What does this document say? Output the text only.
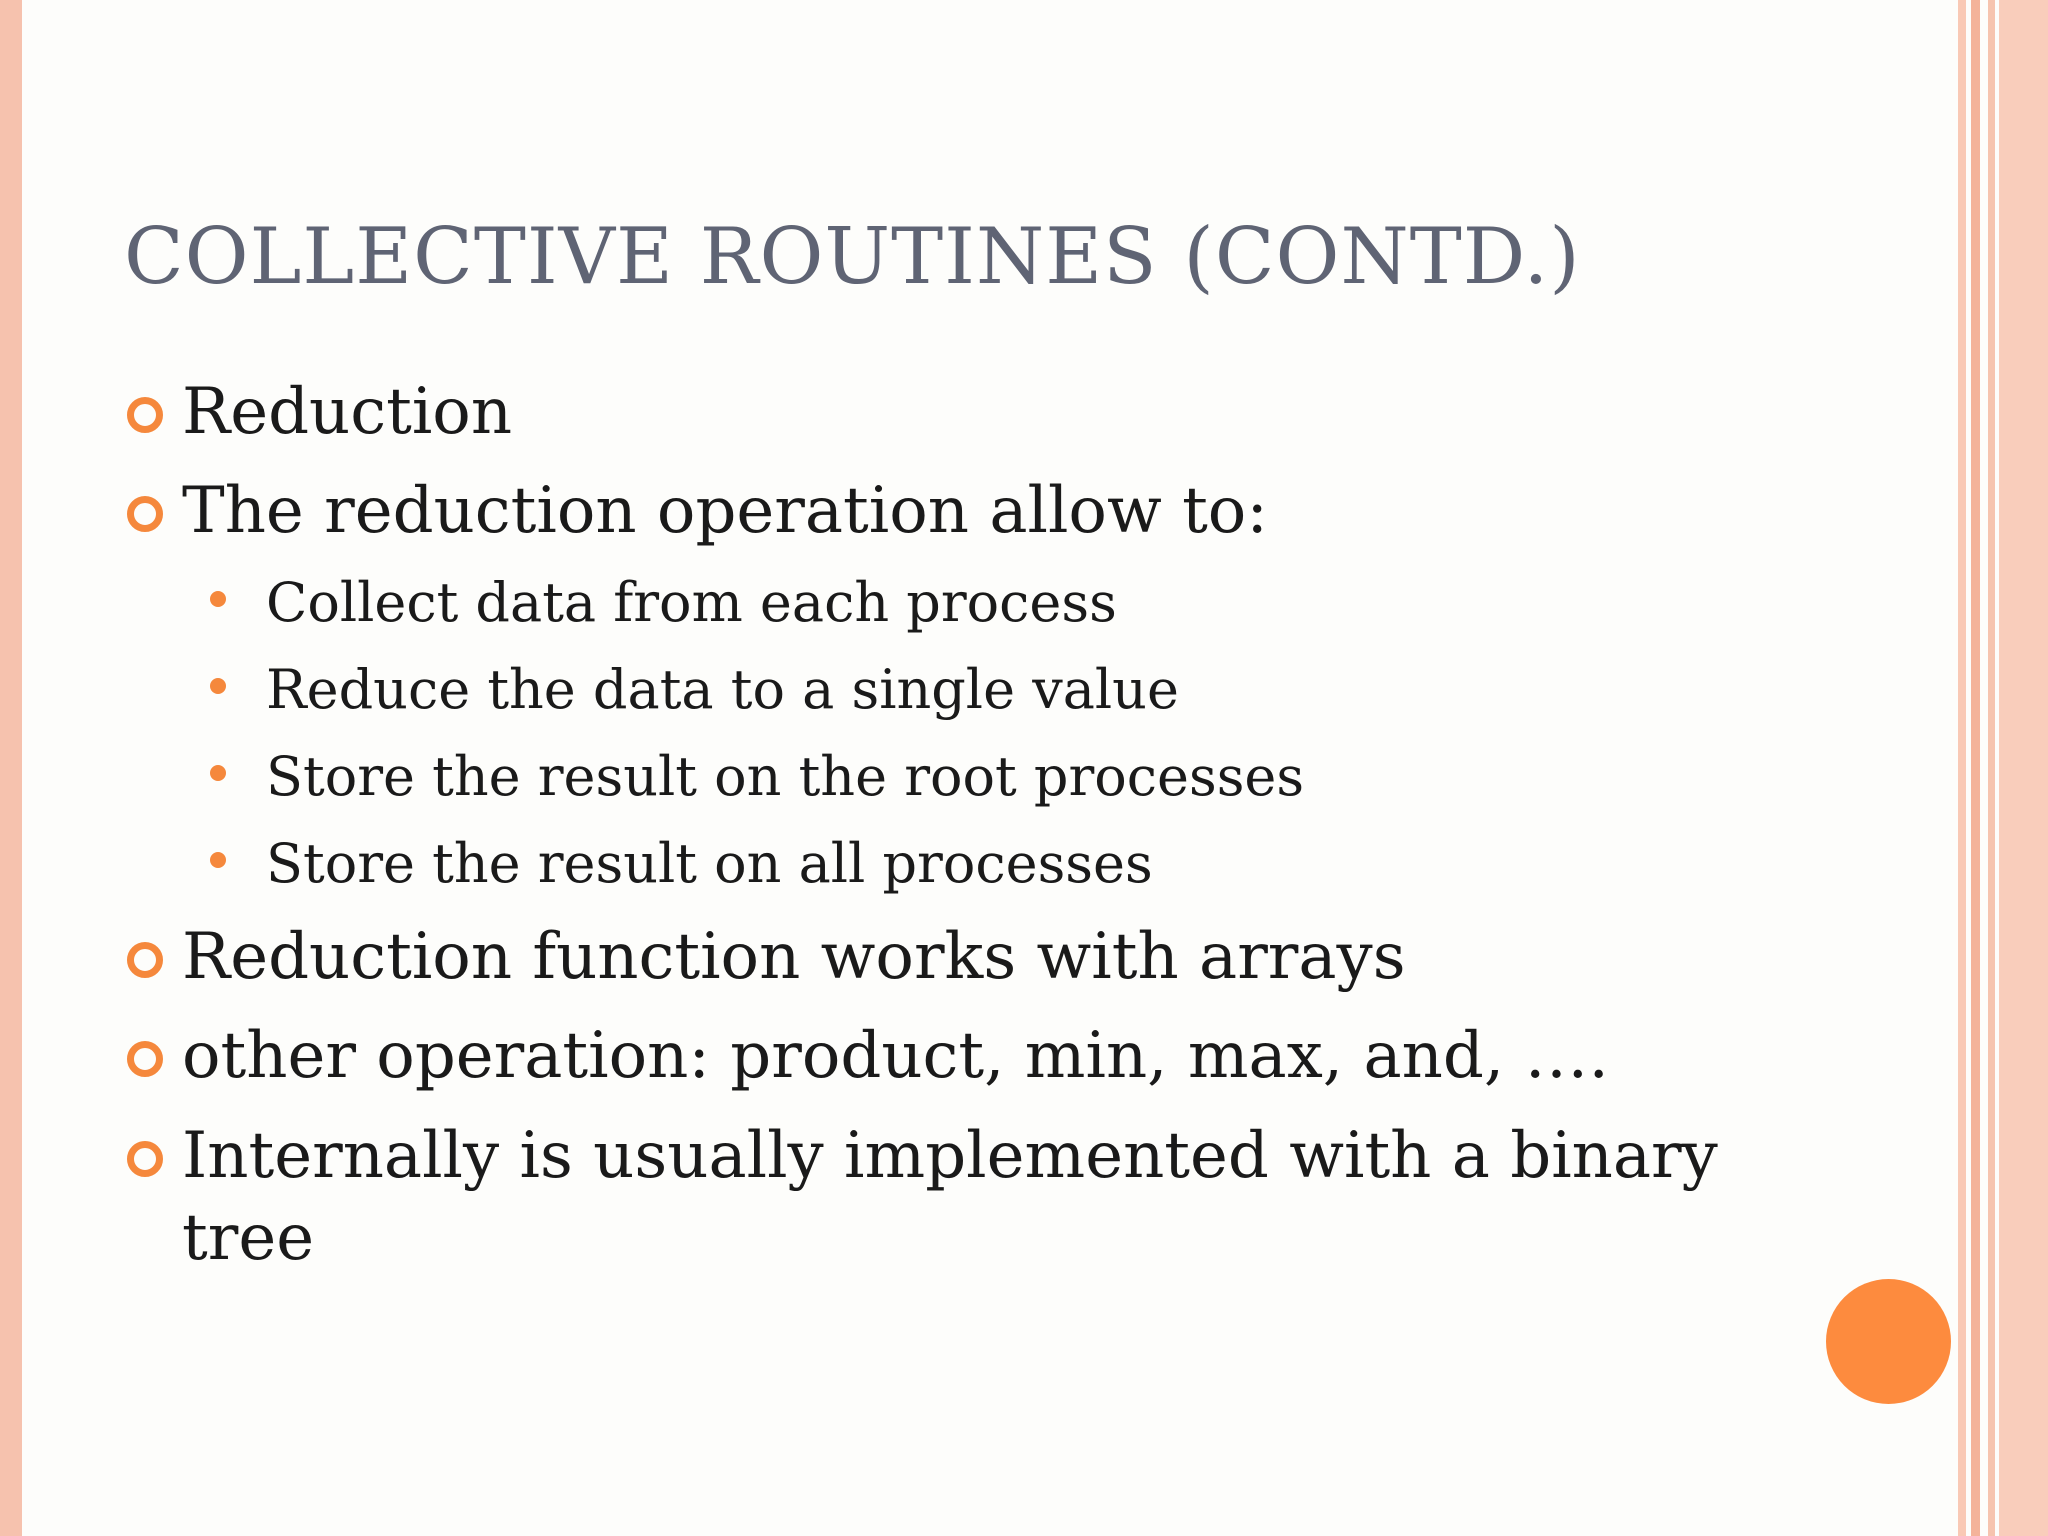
COLLECTIVE ROUTINES (CONTD.)
Reduction
The reduction operation allow to:
Collect data from each process
Reduce the data to a single value
Store the result on the root processes
Store the result on all processes
Reduction function works with arrays
other operation: product, min, max, and, ….
Internally is usually implemented with a binary
tree
